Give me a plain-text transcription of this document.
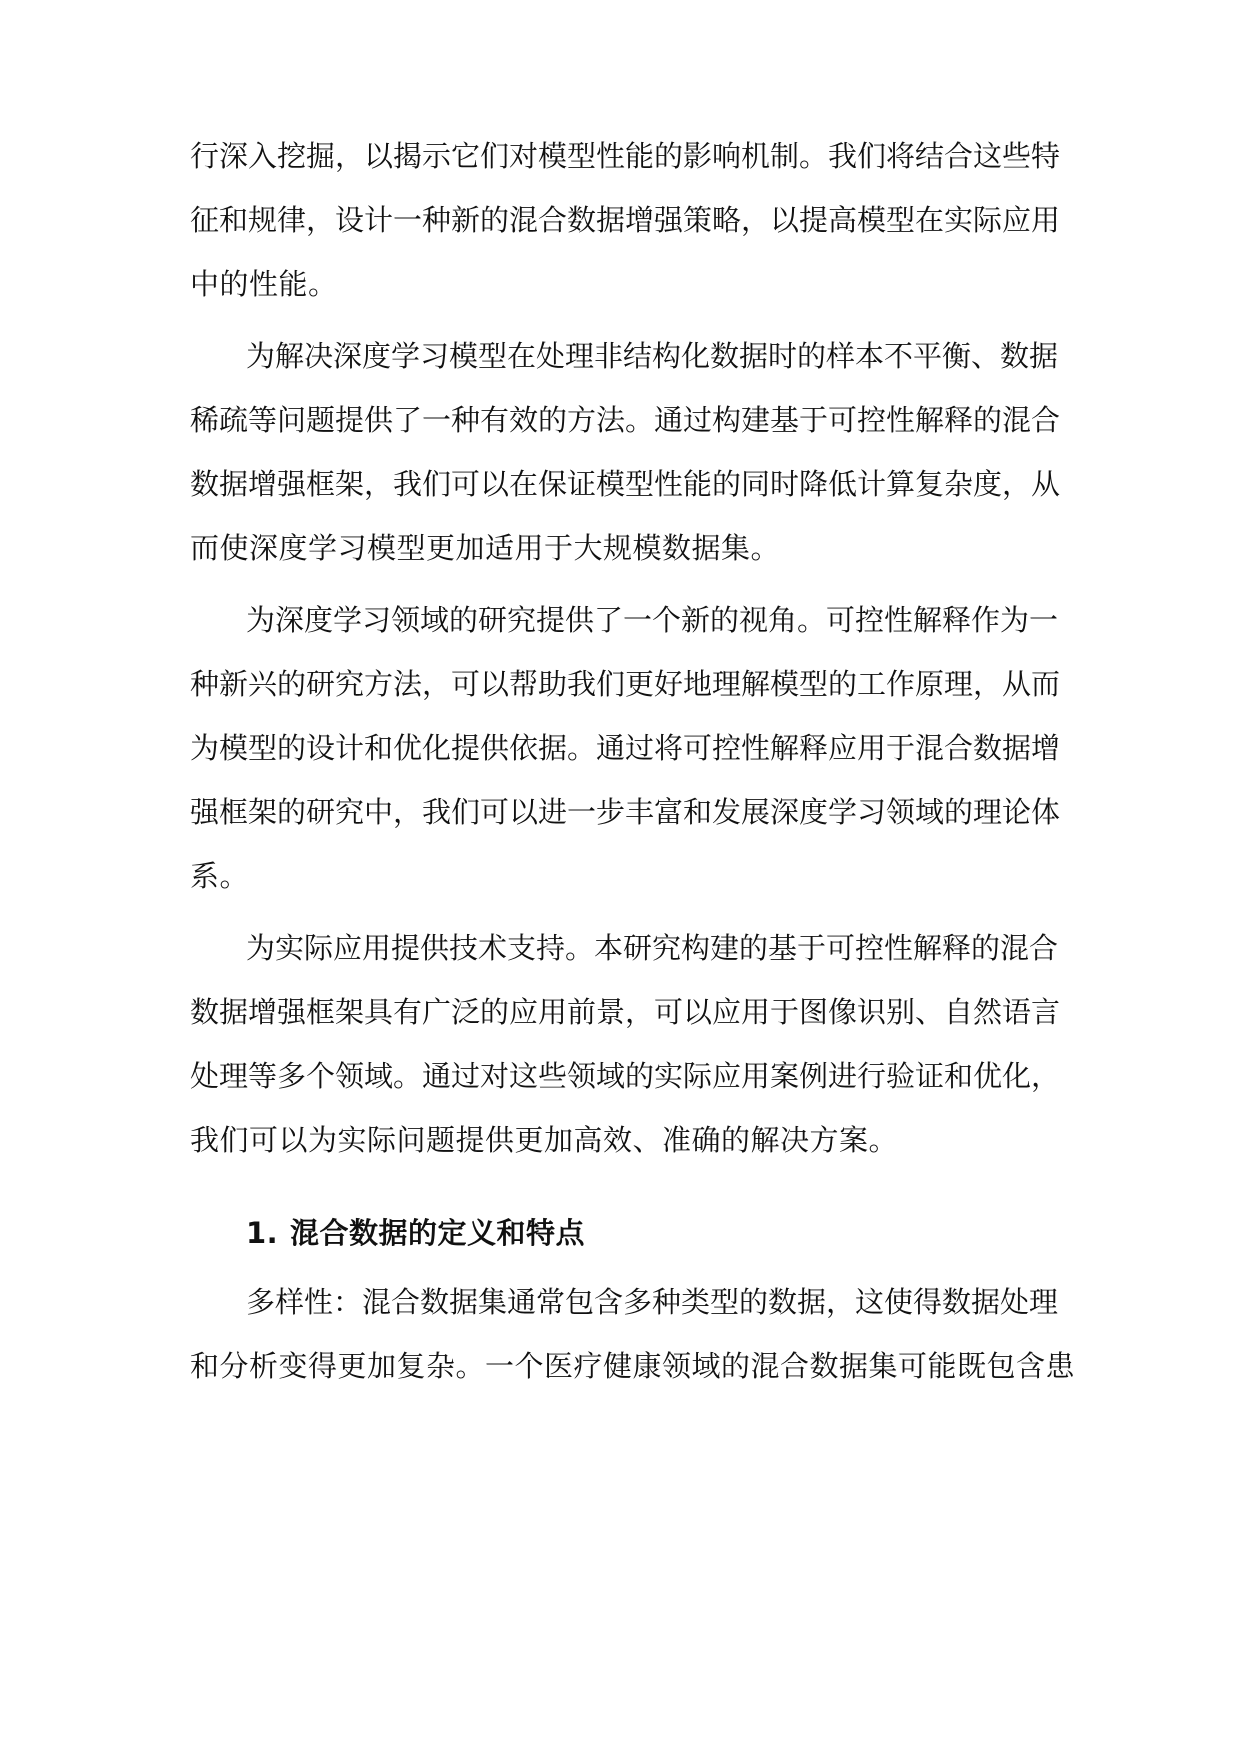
行深入挖掘，以揭示它们对模型性能的影响机制。我们将结合这些特
征和规律，设计一种新的混合数据增强策略，以提高模型在实际应用
中的性能。
为解决深度学习模型在处理非结构化数据时的样本不平衡、数据
稀疏等问题提供了一种有效的方法。通过构建基于可控性解释的混合
数据增强框架，我们可以在保证模型性能的同时降低计算复杂度，从
而使深度学习模型更加适用于大规模数据集。
为深度学习领域的研究提供了一个新的视角。可控性解释作为一
种新兴的研究方法，可以帮助我们更好地理解模型的工作原理，从而
为模型的设计和优化提供依据。通过将可控性解释应用于混合数据增
强框架的研究中，我们可以进一步丰富和发展深度学习领域的理论体
系。
为实际应用提供技术支持。本研究构建的基于可控性解释的混合
数据增强框架具有广泛的应用前景，可以应用于图像识别、自然语言
处理等多个领域。通过对这些领域的实际应用案例进行验证和优化，
我们可以为实际问题提供更加高效、准确的解决方案。
1. 混合数据的定义和特点
多样性：混合数据集通常包含多种类型的数据，这使得数据处理
和分析变得更加复杂。一个医疗健康领域的混合数据集可能既包含患
